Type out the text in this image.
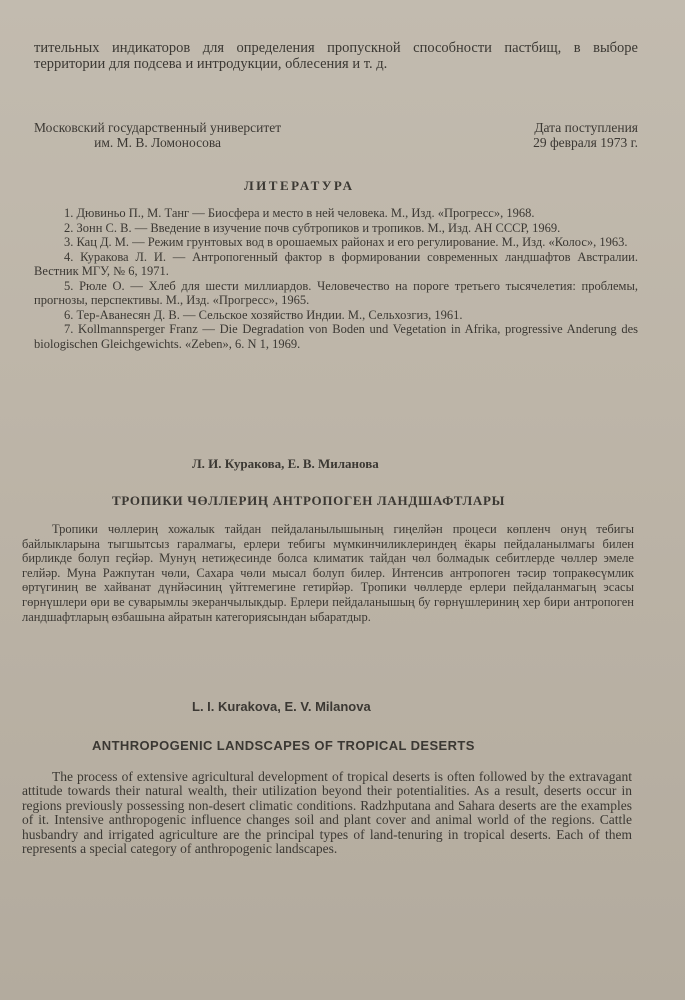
тительных индикаторов для определения пропускной способности пастбищ, в выборе территории для подсева и интродукции, облесения и т. д.
Московский государственный университет
им. М. В. Ломоносова
Дата поступления
29 февраля 1973 г.
ЛИТЕРАТУРА

1. Дювиньо П., М. Танг — Биосфера и место в ней человека. М., Изд. «Прогресс», 1968.

2. Зонн С. В. — Введение в изучение почв субтропиков и тропиков. М., Изд. АН СССР, 1969.

3. Кац Д. М. — Режим грунтовых вод в орошаемых районах и его регулирование. М., Изд. «Колос», 1963.

4. Куракова Л. И. — Антропогенный фактор в формировании современных ландшафтов Австралии. Вестник МГУ, № 6, 1971.

5. Рюле О. — Хлеб для шести миллиардов. Человечество на пороге третьего тысячелетия: проблемы, прогнозы, перспективы. М., Изд. «Прогресс», 1965.

6. Тер-Аванесян Д. В. — Сельское хозяйство Индии. М., Сельхозгиз, 1961.

7. Kollmannsperger Franz — Die Degradation von Boden und Vegetation in Afrika, progressive Anderung des biologischen Gleichgewichts. «Zeben», 6. N 1, 1969.

Л. И. Куракова, Е. В. Миланова
ТРОПИКИ ЧӨЛЛЕРИҢ АНТРОПОГЕН ЛАНДШАФТЛАРЫ
Тропики чөллериң хожалык тайдан пейдаланылышының гиңелйән процеси көпленч онуң тебигы байлыкларына тыгшытсыз гаралмагы, ерлери тебигы мүмкинчиликлериндең ёкары пейдаланылмагы билен бирликде болуп геҫйәр. Мунуң нетиҗесинде болса климатик тайдан чөл болмадык себитлерде чөллер эмеле гелйәр. Муна Ражпутан чөли, Сахара чөли мысал болуп билер. Интенсив антропоген тәсир топракөсүмлик өртүгиниң ве хайванат дүнйәсиниң үйтгемегине гетирйәр. Тропики чөллерде ерлери пейдаланмагың эсасы гөрнүшлери өри ве суварымлы экеранчылыкдыр. Ерлери пейдаланышың бу гөрнүшлериниң хер бири антропоген ландшафтларың өзбашына айратын категориясындан ыбаратдыр.
L. I. Kurakova, E. V. Milanova
ANTHROPOGENIC LANDSCAPES OF TROPICAL DESERTS
The process of extensive agricultural development of tropical deserts is often followed by the extravagant attitude towards their natural wealth, their utilization beyond their potentialities. As a result, deserts occur in regions previously possessing non-desert climatic conditions. Radzhputana and Sahara deserts are the examples of it. Intensive anthropogenic influence changes soil and plant cover and animal world of the regions. Cattle husbandry and irrigated agriculture are the principal types of land-tenuring in tropical deserts. Each of them represents a special category of anthropogenic landscapes.
